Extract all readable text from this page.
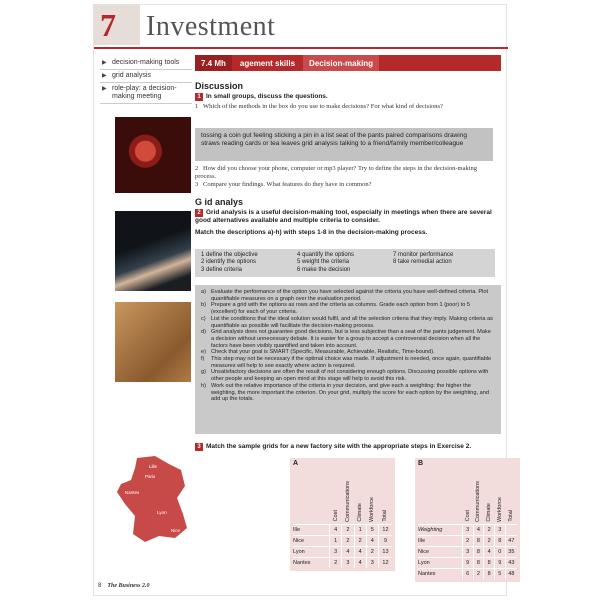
7 Investment
▶ decision-making tools
▶ grid analysis
▶ role-play: a decision-making meeting
7.4 Mh	agement skills	Decision-making
Discussion
1 In small groups, discuss the questions.
1 Which of the methods in the box do you use to make decisions? For what kind of decisions?
tossing a coin gut feeling sticking a pin in a list seat of the pants paired comparisons drawing straws reading cards or tea leaves grid analysis talking to a friend/family member/colleague
2 How did you choose your phone, computer or mp3 player? Try to define the steps in the decision-making process.
3 Compare your findings. What features do they have in common?
G id analys
2 Grid analysis is a useful decision-making tool, especially in meetings when there are several good alternatives available and multiple criteria to consider.
Match the descriptions a)-h) with steps 1-8 in the decision-making process.
1 define the objective	4 quantify the options	7 monitor performance
2 identify the options	5 weight the criteria	8 take remedial action
3 define criteria	6 make the decision
a) Evaluate the performance of the option you have selected against the criteria you have well-defined criteria. Plot quantifiable measures on a graph over the evaluation period.
b) Prepare a grid with the options as rows and the criteria as columns. Grade each option from 1 (poor) to 5 (excellent) for each of your criteria.
c) List the conditions that the ideal solution would fulfil, and all the selection criteria that they imply. Making criteria as quantifiable as possible will facilitate the decision-making process.
d) Grid analysis does not guarantee good decisions, but is less subjective than a seat of the pants judgement. Make a decision without unnecessary debate. It is easier for a group to accept a controversial decision when all the factors have been visibly quantified and taken into account.
e) Check that your goal is SMART (Specific, Measurable, Achievable, Realistic, Time-bound).
f)	This step may not be necessary if the optimal choice was made. If adjustment is needed, once again, quantifiable measures will help to see exactly where action is required.
g) Unsatisfactory decisions are often the result of not considering enough options. Discussing possible options with other people and keeping an open mind at this stage will help to avoid this risk.
h) Work out the relative importance of the criteria in your decision, and give each a weighting: the higher the weighting, the more important the criterion. On your grid, multiply the score for each option by the weighting, and add up the totals.
3 Match the sample grids for a new factory site with the appropriate steps in Exercise 2.
Lille
Paris
Nantes
Lyon
Nice
A
	Cost	Communications	Climate	Workforce	Total
Ille	4	2	1	5	12
Nice	1	2	2	4	9
Lyon	3	4	4	2	13
Nantes	2	3	4	3	12
B
	Cost	Communications	Climate	Workforce	Total
Weighting	3	4	2	3	
Ille	2	8	2	8	47
Nice	3	8	4	0	35
Lyon	9	8	8	9	43
Nantes	6	2	8	5	48
8 The Business 2.0
